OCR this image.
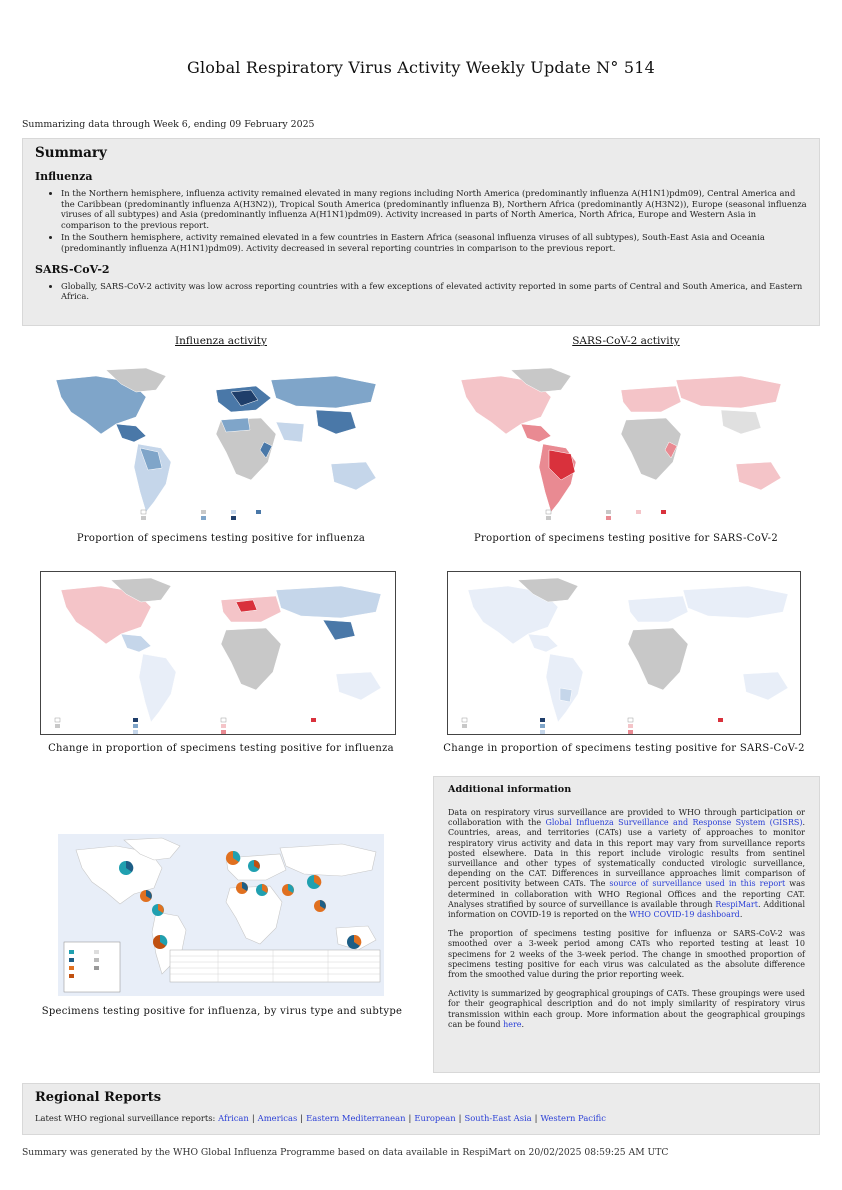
Global Respiratory Virus Activity Weekly Update N° 514
Summarizing data through Week 6, ending 09 February 2025
Summary
Influenza
• In the Northern hemisphere, influenza activity remained elevated in many regions including North America (predominantly influenza A(H1N1)pdm09), Central America and the Caribbean (predominantly influenza A(H3N2)), Tropical South America (predominantly influenza B), Northern Africa (predominantly A(H3N2)), Europe (seasonal influenza viruses of all subtypes) and Asia (predominantly influenza A(H1N1)pdm09). Activity increased in parts of North America, North Africa, Europe and Western Asia in comparison to the previous report.
• In the Southern hemisphere, activity remained elevated in a few countries in Eastern Africa (seasonal influenza viruses of all subtypes), South-East Asia and Oceania (predominantly influenza A(H1N1)pdm09). Activity decreased in several reporting countries in comparison to the previous report.
SARS-CoV-2
• Globally, SARS-CoV-2 activity was low across reporting countries with a few exceptions of elevated activity reported in some parts of Central and South America, and Eastern Africa.
Influenza activity	SARS-CoV-2 activity
Proportion of specimens testing positive for influenza	Proportion of specimens testing positive for SARS-CoV-2
Change in proportion of specimens testing positive for influenza	Change in proportion of specimens testing positive for SARS-CoV-2
Specimens testing positive for influenza, by virus type and subtype
Additional information

Data on respiratory virus surveillance are provided to WHO through participation or collaboration with the Global Influenza Surveillance and Response System (GISRS). Countries, areas, and territories (CATs) use a variety of approaches to monitor respiratory virus activity and data in this report may vary from surveillance reports posted elsewhere. Data in this report include virologic results from sentinel surveillance and other types of systematically conducted virologic surveillance, depending on the CAT. Differences in surveillance approaches limit comparison of percent positivity between CATs. The source of surveillance used in this report was determined in collaboration with WHO Regional Offices and the reporting CAT. Analyses stratified by source of surveillance is available through RespiMart. Additional information on COVID-19 is reported on the WHO COVID-19 dashboard.

The proportion of specimens testing positive for influenza or SARS-CoV-2 was smoothed over a 3-week period among CATs who reported testing at least 10 specimens for 2 weeks of the 3-week period. The change in smoothed proportion of specimens testing positive for each virus was calculated as the absolute difference from the smoothed value during the prior reporting week.

Activity is summarized by geographical groupings of CATs. These groupings were used for their geographical description and do not imply similarity of respiratory virus transmission within each group. More information about the geographical groupings can be found here.

Regional Reports
Latest WHO regional surveillance reports: African | Americas | Eastern Mediterranean | European | South-East Asia | Western Pacific
Summary was generated by the WHO Global Influenza Programme based on data available in RespiMart on 20/02/2025 08:59:25 AM UTC
